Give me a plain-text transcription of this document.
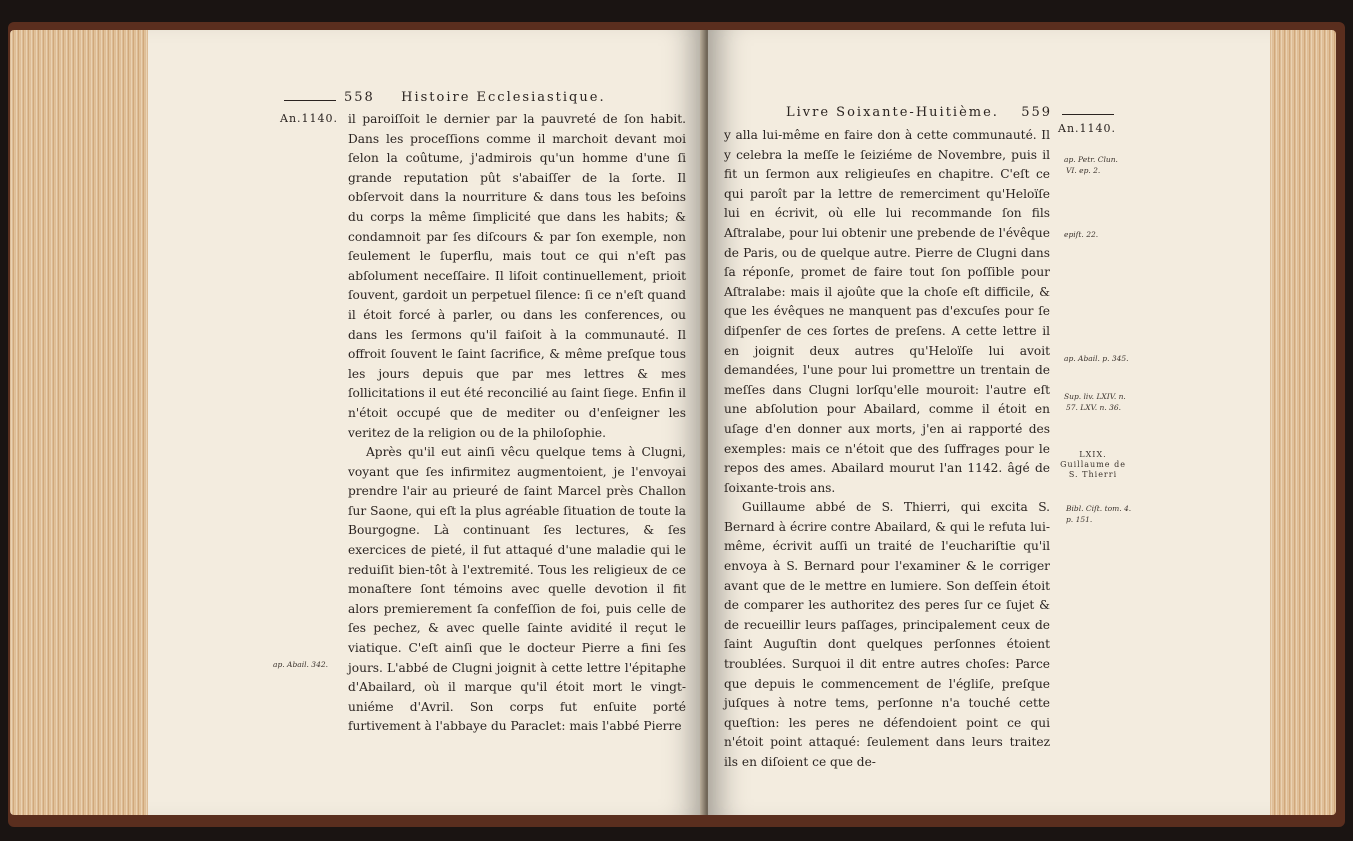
558 Histoire Ecclesiastique.
An.1140. il paroiſſoit le dernier par la pauvreté de ſon habit. Dans les proceſſions comme il marchoit devant moi ſelon la coûtume, j'admirois qu'un homme d'une ſi grande reputation pût s'abaiſſer de la ſorte. Il obſervoit dans la nourriture & dans tous les beſoins du corps la même ſimplicité que dans les habits; & condamnoit par ſes diſcours & par ſon exemple, non ſeulement le ſuperflu, mais tout ce qui n'eſt pas abſolument neceſſaire. Il liſoit continuellement, prioit ſouvent, gardoit un perpetuel ſilence: ſi ce n'eſt quand il étoit forcé à parler, ou dans les conferences, ou dans les ſermons qu'il faiſoit à la communauté. Il offroit ſouvent le ſaint ſacrifice, & même preſque tous les jours depuis que par mes lettres & mes ſollicitations il eut été reconcilié au ſaint ſiege. Enfin il n'étoit occupé que de mediter ou d'enſeigner les veritez de la religion ou de la philoſophie.

Après qu'il eut ainſi vêcu quelque tems à Clugni, voyant que ſes infirmitez augmentoient, je l'envoyai prendre l'air au prieuré de ſaint Marcel près Challon ſur Saone, qui eſt la plus agréable ſituation de toute la Bourgogne. Là continuant ſes lectures, & ſes exercices de pieté, il fut attaqué d'une maladie qui le reduiſit bien-tôt à l'extremité. Tous les religieux de ce monaſtere ſont témoins avec quelle devotion il fit alors premierement ſa confeſſion de foi, puis celle de ſes pechez, & avec quelle ſainte avidité il reçut le viatique. C'eſt ainſi que le docteur Pierre a fini ſes jours. L'abbé de Clugni joignit à cette lettre l'épitaphe d'Abailard, où il marque qu'il étoit mort le vingt-uniéme d'Avril. Son corps fut enſuite porté furtivement à l'abbaye du Paraclet: mais l'abbé Pierre

ap. Abail. 342.
Livre Soixante-Huitième. 559
An.1140.

y alla lui-même en faire don à cette communauté. Il y celebra la meſſe le ſeiziéme de Novembre, puis il fit un ſermon aux religieuſes en chapitre. C'eſt ce qui paroît par la lettre de remerciment qu'Heloïſe lui en écrivit, où elle lui recommande ſon fils Aſtralabe, pour lui obtenir une prebende de l'évêque de Paris, ou de quelque autre. Pierre de Clugni dans ſa réponſe, promet de faire tout ſon poſſible pour Aſtralabe: mais il ajoûte que la choſe eſt difficile, & que les évêques ne manquent pas d'excuſes pour ſe diſpenſer de ces ſortes de preſens. A cette lettre il en joignit deux autres qu'Heloïſe lui avoit demandées, l'une pour lui promettre un trentain de meſſes dans Clugni lorſqu'elle mouroit: l'autre eſt une abſolution pour Abailard, comme il étoit en uſage d'en donner aux morts, j'en ai rapporté des exemples: mais ce n'étoit que des ſuffrages pour le repos des ames. Abailard mourut l'an 1142. âgé de ſoixante-trois ans.

Guillaume abbé de S. Thierri, qui excita S. Bernard à écrire contre Abailard, & qui le refuta lui-même, écrivit auſſi un traité de l'euchariſtie qu'il envoya à S. Bernard pour l'examiner & le corriger avant que de le mettre en lumiere. Son deſſein étoit de comparer les authoritez des peres ſur ce ſujet & de recueillir leurs paſſages, principalement ceux de ſaint Auguſtin dont quelques perſonnes étoient troublées. Surquoi il dit entre autres choſes: Parce que depuis le commencement de l'égliſe, preſque juſques à notre tems, perſonne n'a touché cette queſtion: les peres ne défendoient point ce qui n'étoit point attaqué: ſeulement dans leurs traitez ils en diſoient ce que de-

ap. Petr. Clun.
VI. ep. 2.
epiſt. 22.
ap. Abail. p. 345.
Sup. liv. LXIV. n.
57. LXV. n. 36.
LXIX.
Guillaume de
S. Thierri
Bibl. Ciſt. tom. 4.
p. 151.
